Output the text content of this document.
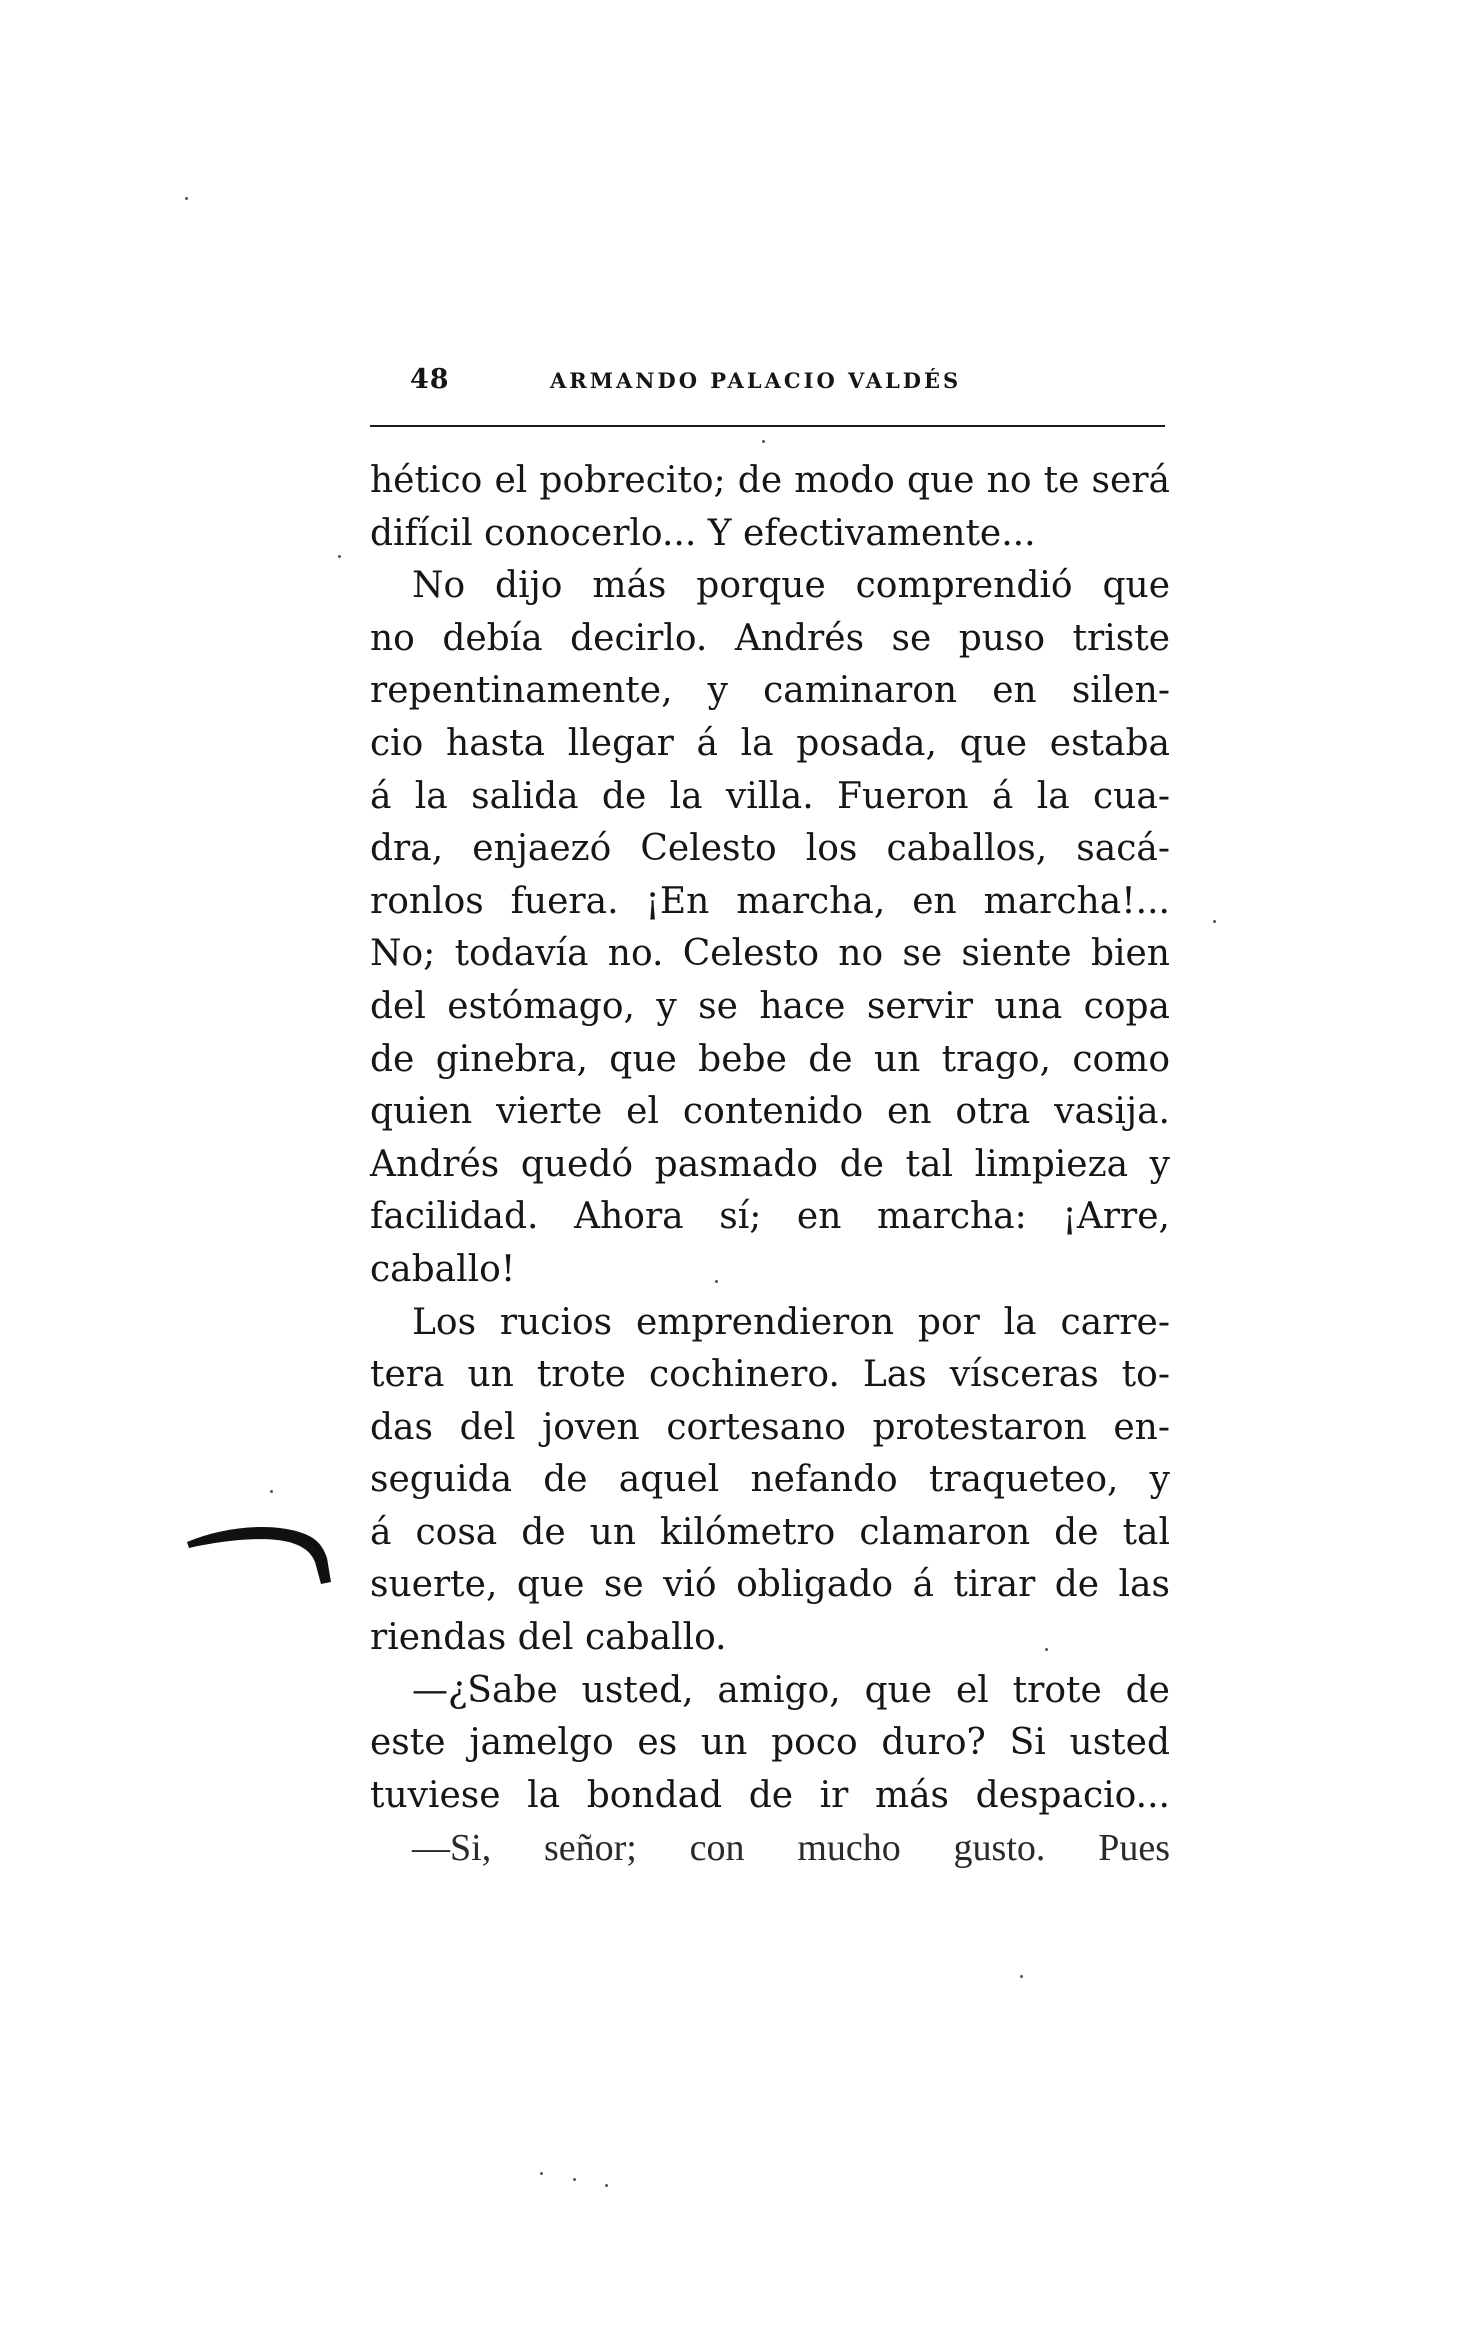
48	ARMANDO PALACIO VALDÉS
hético el pobrecito; de modo que no te será
difícil conocerlo... Y efectivamente...
No dijo más porque comprendió que
no debía decirlo. Andrés se puso triste
repentinamente, y caminaron en silen-
cio hasta llegar á la posada, que estaba
á la salida de la villa. Fueron á la cua-
dra, enjaezó Celesto los caballos, sacá-
ronlos fuera. ¡En marcha, en marcha!...
No; todavía no. Celesto no se siente bien
del estómago, y se hace servir una copa
de ginebra, que bebe de un trago, como
quien vierte el contenido en otra vasija.
Andrés quedó pasmado de tal limpieza y
facilidad. Ahora sí; en marcha: ¡Arre,
caballo!
Los rucios emprendieron por la carre-
tera un trote cochinero. Las vísceras to-
das del joven cortesano protestaron en-
seguida de aquel nefando traqueteo, y
á cosa de un kilómetro clamaron de tal
suerte, que se vió obligado á tirar de las
riendas del caballo.
—¿Sabe usted, amigo, que el trote de
este jamelgo es un poco duro? Si usted
tuviese la bondad de ir más despacio...
—Si, señor; con mucho gusto. Pues
